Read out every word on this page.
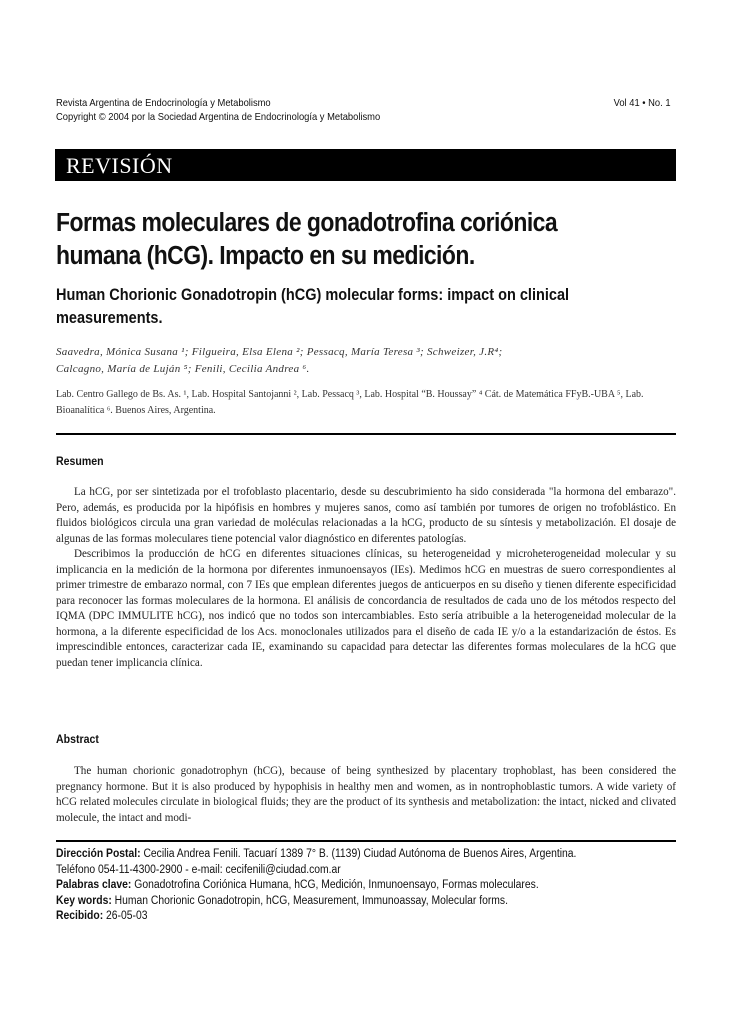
Revista Argentina de Endocrinología y Metabolismo
Copyright © 2004 por la Sociedad Argentina de Endocrinología y Metabolismo
Vol 41 • No. 1
REVISIÓN
Formas moleculares de gonadotrofina coriónica humana (hCG). Impacto en su medición.
Human Chorionic Gonadotropin (hCG) molecular forms: impact on clinical measurements.
Saavedra, Mónica Susana ¹; Filgueira, Elsa Elena ²; Pessacq, María Teresa ³; Schweizer, J.R⁴;
Calcagno, María de Luján ⁵; Fenili, Cecilia Andrea ⁶.
Lab. Centro Gallego de Bs. As. ¹, Lab. Hospital Santojanni ², Lab. Pessacq ³, Lab. Hospital “B. Houssay” ⁴ Cát. de Matemática FFyB.-UBA ⁵, Lab. Bioanalítica ⁶. Buenos Aires, Argentina.
Resumen

La hCG, por ser sintetizada por el trofoblasto placentario, desde su descubrimiento ha sido considerada "la hormona del embarazo". Pero, además, es producida por la hipófisis en hombres y mujeres sanos, como así también por tumores de origen no trofoblástico. En fluidos biológicos circula una gran variedad de moléculas relacionadas a la hCG, producto de su síntesis y metabolización. El dosaje de algunas de las formas moleculares tiene potencial valor diagnóstico en diferentes patologías.

Describimos la producción de hCG en diferentes situaciones clínicas, su heterogeneidad y microheterogeneidad molecular y su implicancia en la medición de la hormona por diferentes inmunoensayos (IEs). Medimos hCG en muestras de suero correspondientes al primer trimestre de embarazo normal, con 7 IEs que emplean diferentes juegos de anticuerpos en su diseño y tienen diferente especificidad para reconocer las formas moleculares de la hormona. El análisis de concordancia de resultados de cada uno de los métodos respecto del IQMA (DPC IMMULITE hCG), nos indicó que no todos son intercambiables. Esto sería atribuible a la heterogeneidad molecular de la hormona, a la diferente especificidad de los Acs. monoclonales utilizados para el diseño de cada IE y/o a la estandarización de éstos. Es imprescindible entonces, caracterizar cada IE, examinando su capacidad para detectar las diferentes formas moleculares de la hCG que puedan tener implicancia clínica.

Abstract

The human chorionic gonadotrophyn (hCG), because of being synthesized by placentary trophoblast, has been considered the pregnancy hormone. But it is also produced by hypophisis in healthy men and women, as in nontrophoblastic tumors. A wide variety of hCG related molecules circulate in biological fluids; they are the product of its synthesis and metabolization: the intact, nicked and clivated molecule, the intact and modi-

Dirección Postal: Cecilia Andrea Fenili. Tacuarí 1389 7° B. (1139) Ciudad Autónoma de Buenos Aires, Argentina.
Teléfono 054-11-4300-2900 - e-mail: cecifenili@ciudad.com.ar
Palabras clave: Gonadotrofina Coriónica Humana, hCG, Medición, Inmunoensayo, Formas moleculares.
Key words: Human Chorionic Gonadotropin, hCG, Measurement, Immunoassay, Molecular forms.
Recibido: 26-05-03
